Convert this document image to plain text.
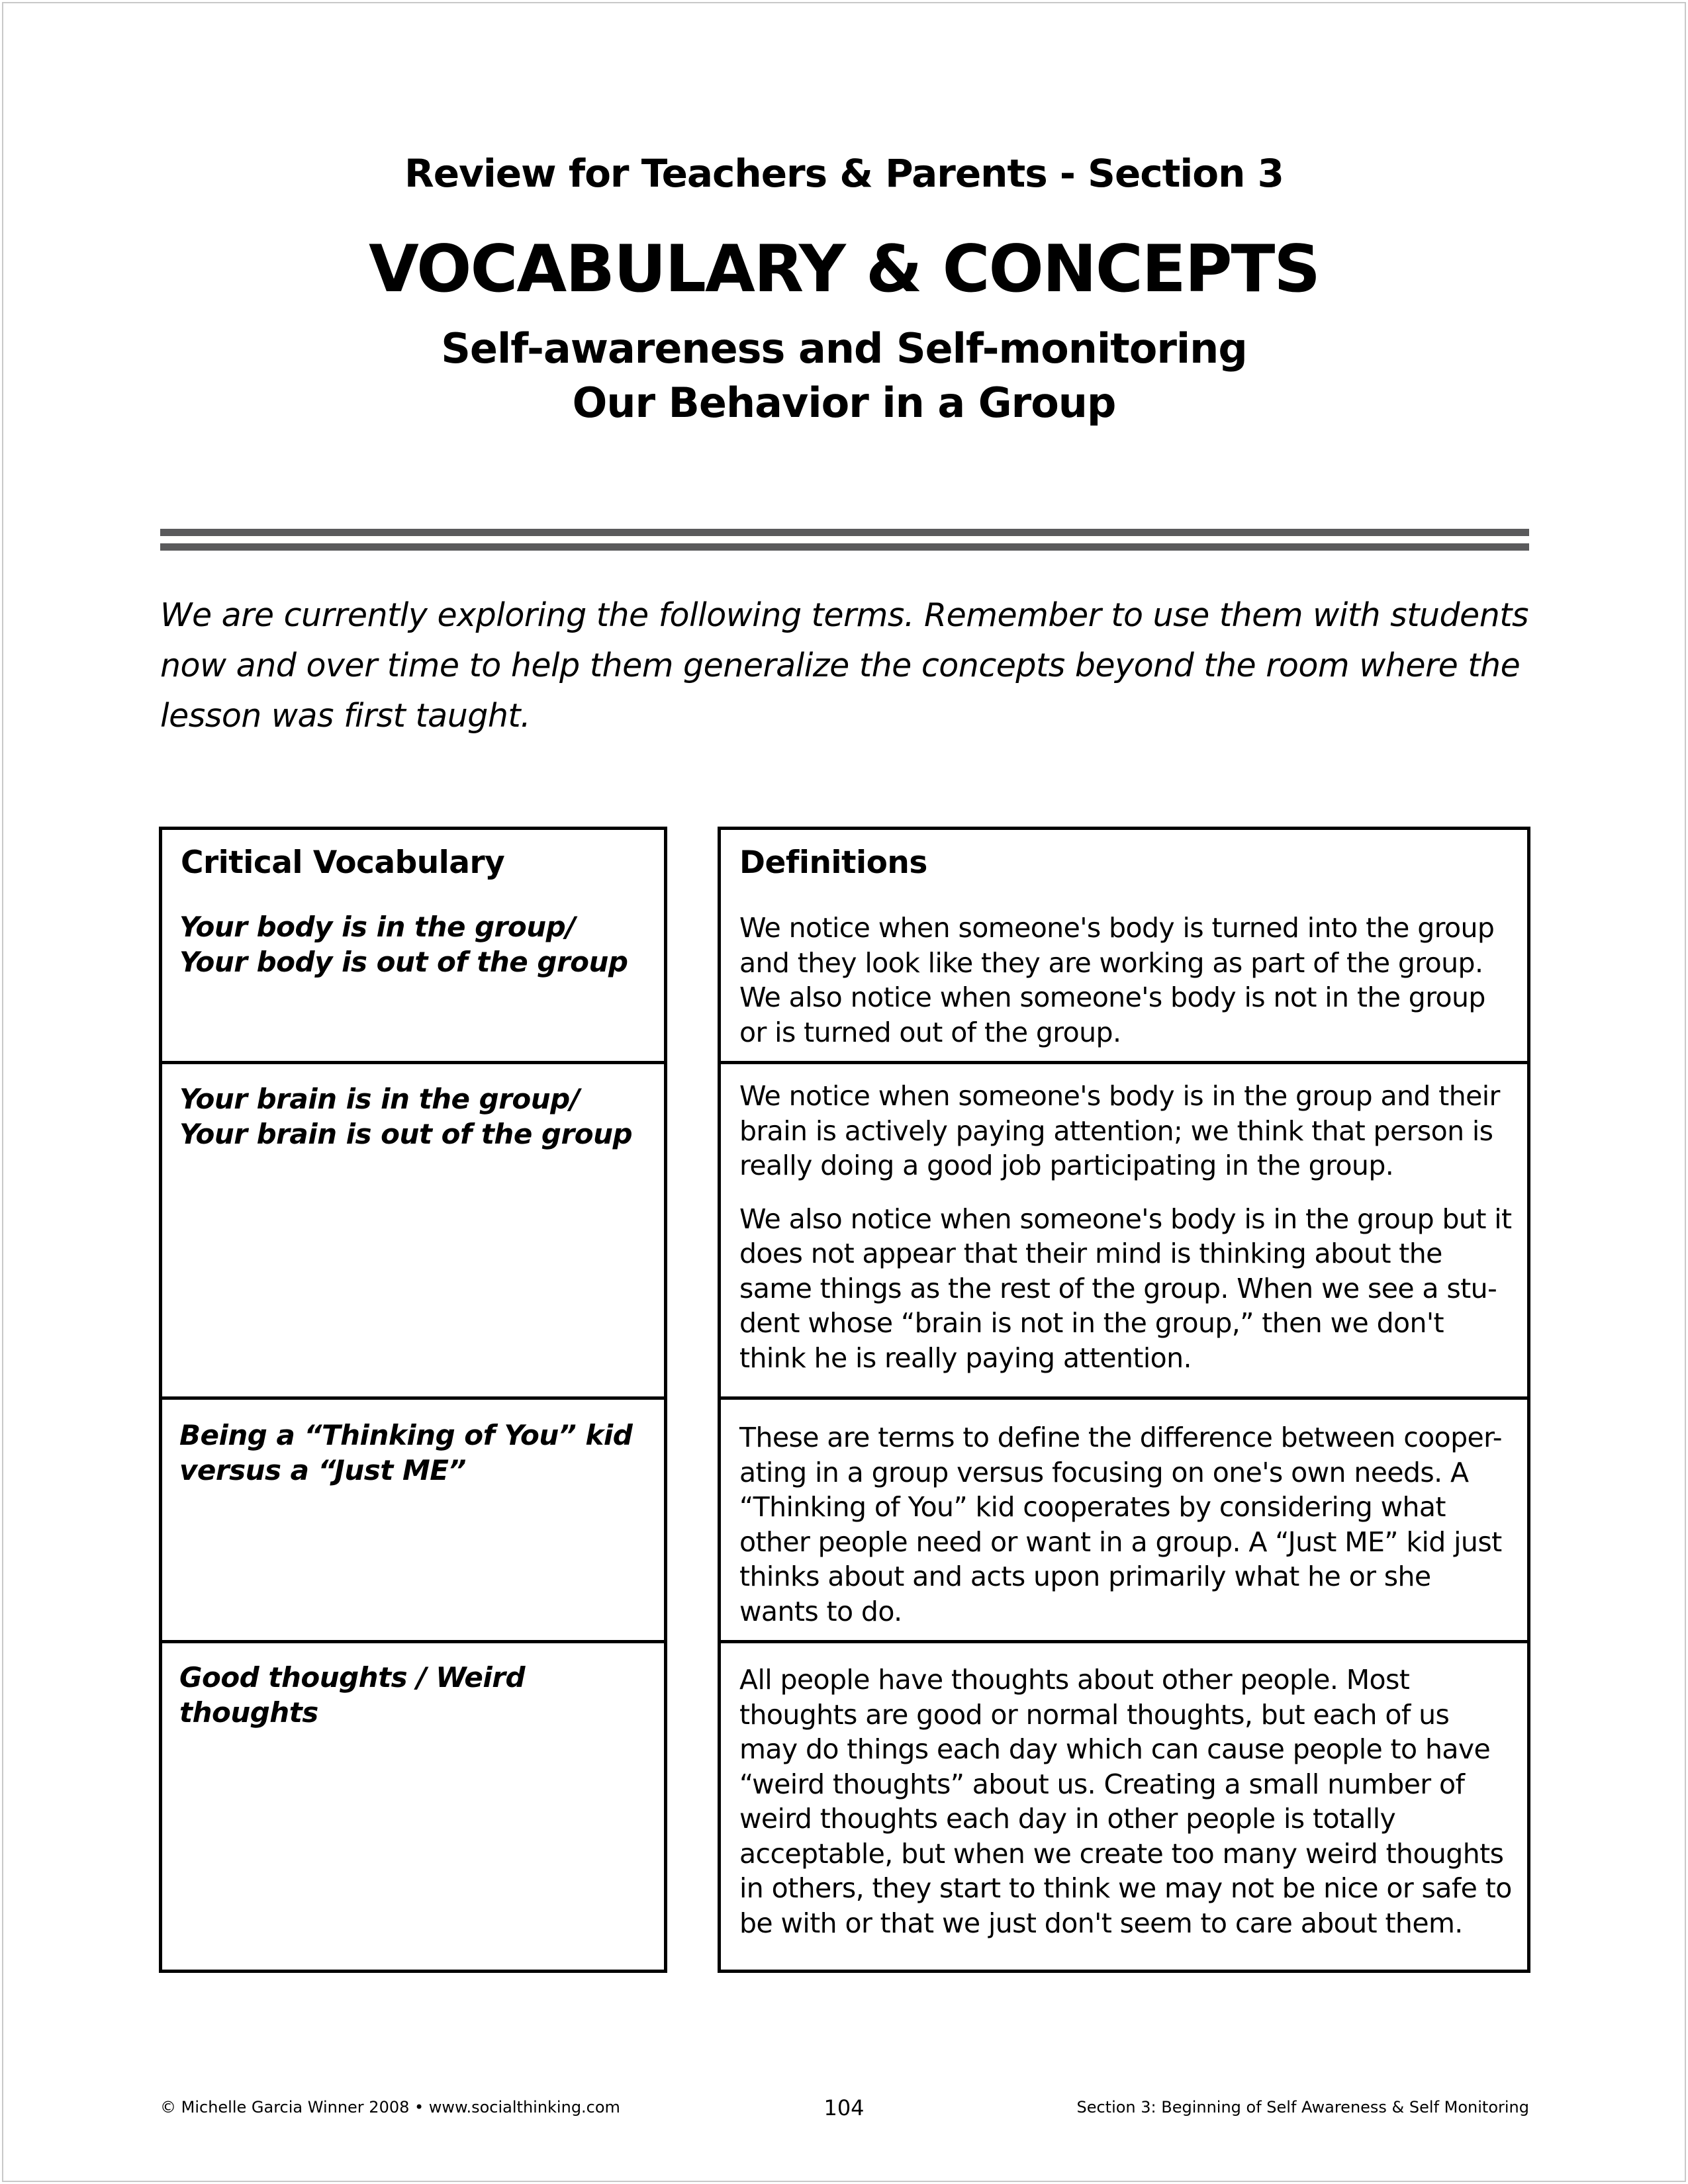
Review for Teachers & Parents - Section 3
VOCABULARY & CONCEPTS
Self-awareness and Self-monitoring
Our Behavior in a Group
We are currently exploring the following terms. Remember to use them with students now and over time to help them generalize the concepts beyond the room where the lesson was first taught.
Critical Vocabulary
Your body is in the group/
Your body is out of the group
Your brain is in the group/
Your brain is out of the group
Being a “Thinking of You” kid
versus a “Just ME”
Good thoughts / Weird thoughts
Definitions

We notice when someone's body is turned into the group and they look like they are working as part of the group. We also notice when someone's body is not in the group or is turned out of the group.

We notice when someone's body is in the group and their brain is actively paying attention; we think that person is really doing a good job participating in the group.

We also notice when someone's body is in the group but it does not appear that their mind is thinking about the same things as the rest of the group. When we see a stu-dent whose “brain is not in the group,” then we don't think he is really paying attention.

These are terms to define the difference between cooper-ating in a group versus focusing on one's own needs. A “Thinking of You” kid cooperates by considering what other people need or want in a group. A “Just ME” kid just thinks about and acts upon primarily what he or she wants to do.

All people have thoughts about other people. Most thoughts are good or normal thoughts, but each of us may do things each day which can cause people to have “weird thoughts” about us. Creating a small number of weird thoughts each day in other people is totally acceptable, but when we create too many weird thoughts in others, they start to think we may not be nice or safe to be with or that we just don't seem to care about them.

© Michelle Garcia Winner 2008 • www.socialthinking.com	104	Section 3: Beginning of Self Awareness & Self Monitoring
